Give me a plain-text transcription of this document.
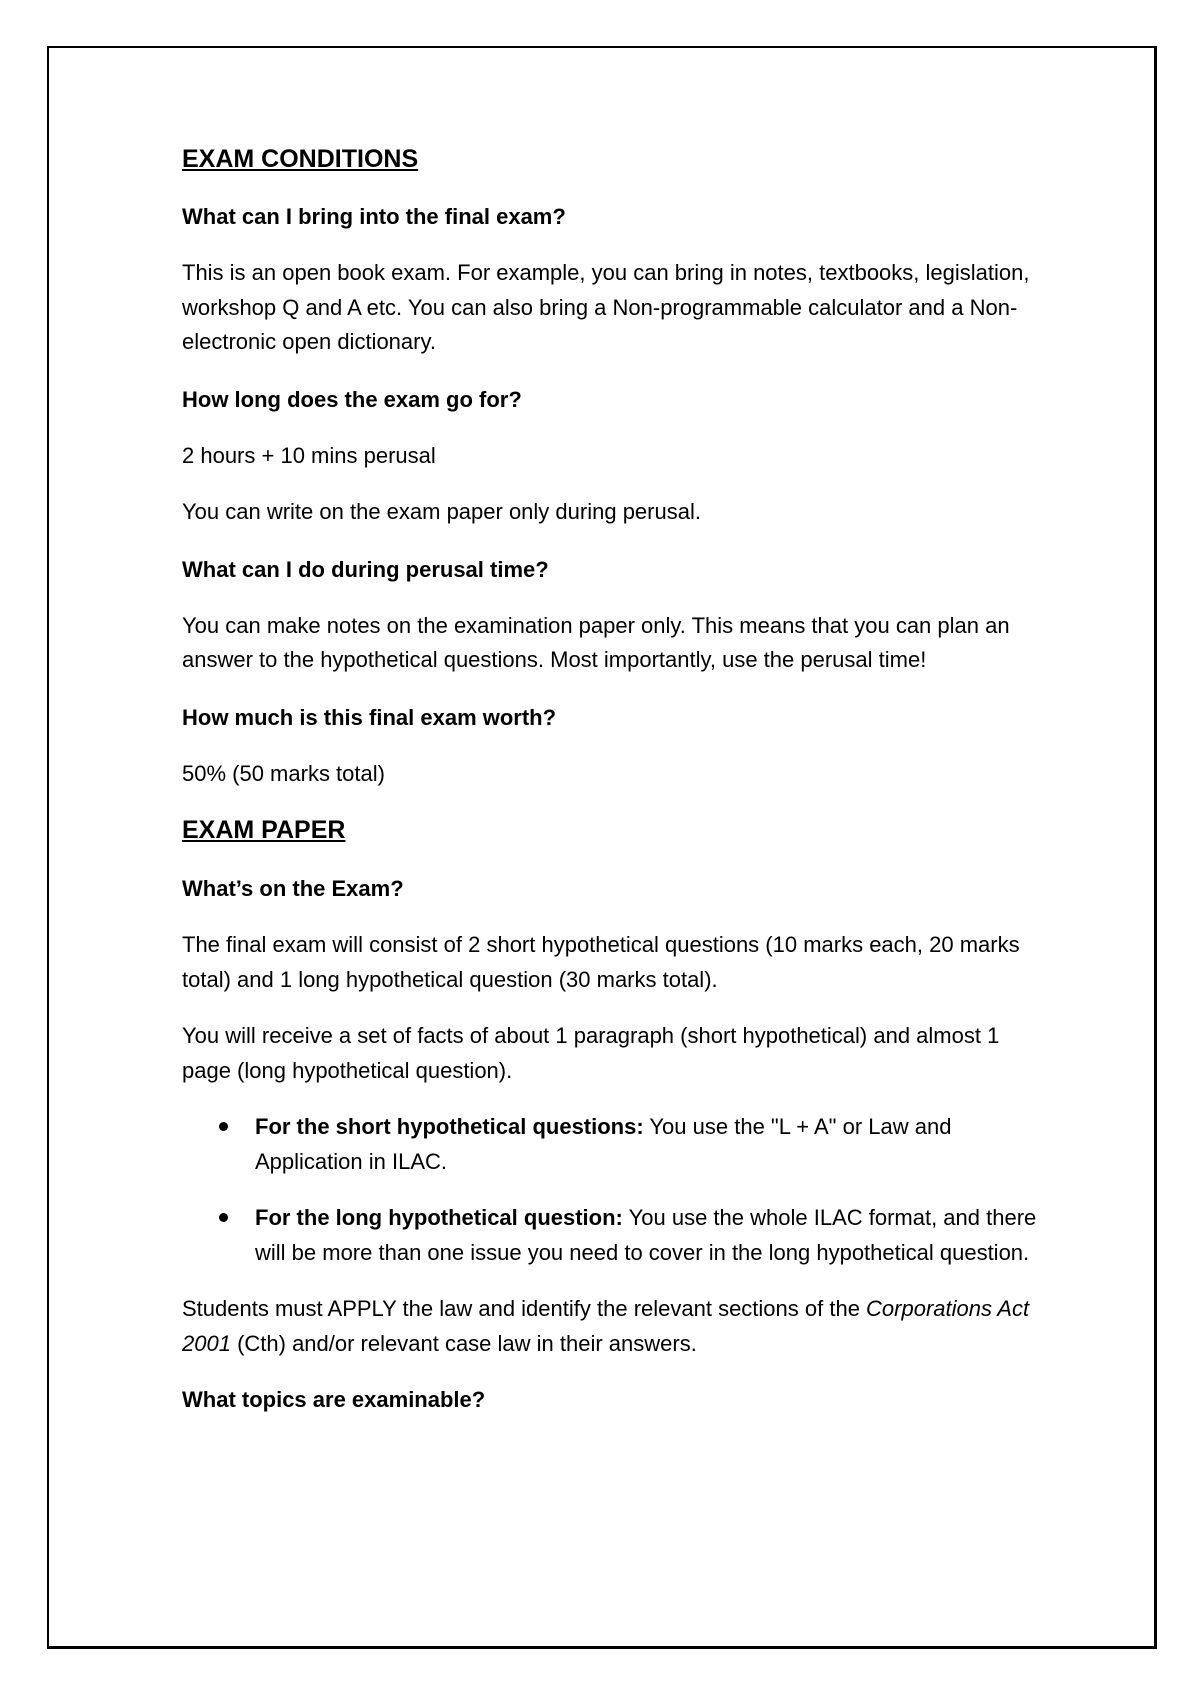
EXAM CONDITIONS

What can I bring into the final exam?

This is an open book exam. For example, you can bring in notes, textbooks, legislation, workshop Q and A etc. You can also bring a Non-programmable calculator and a Non-electronic open dictionary.

How long does the exam go for?

2 hours + 10 mins perusal

You can write on the exam paper only during perusal.

What can I do during perusal time?

You can make notes on the examination paper only. This means that you can plan an answer to the hypothetical questions. Most importantly, use the perusal time!

How much is this final exam worth?

50% (50 marks total)

EXAM PAPER

What’s on the Exam?

The final exam will consist of 2 short hypothetical questions (10 marks each, 20 marks total) and 1 long hypothetical question (30 marks total).

You will receive a set of facts of about 1 paragraph (short hypothetical) and almost 1 page (long hypothetical question).

For the short hypothetical questions: You use the "L + A" or Law and Application in ILAC.
For the long hypothetical question: You use the whole ILAC format, and there will be more than one issue you need to cover in the long hypothetical question.

Students must APPLY the law and identify the relevant sections of the Corporations Act 2001 (Cth) and/or relevant case law in their answers.

What topics are examinable?
